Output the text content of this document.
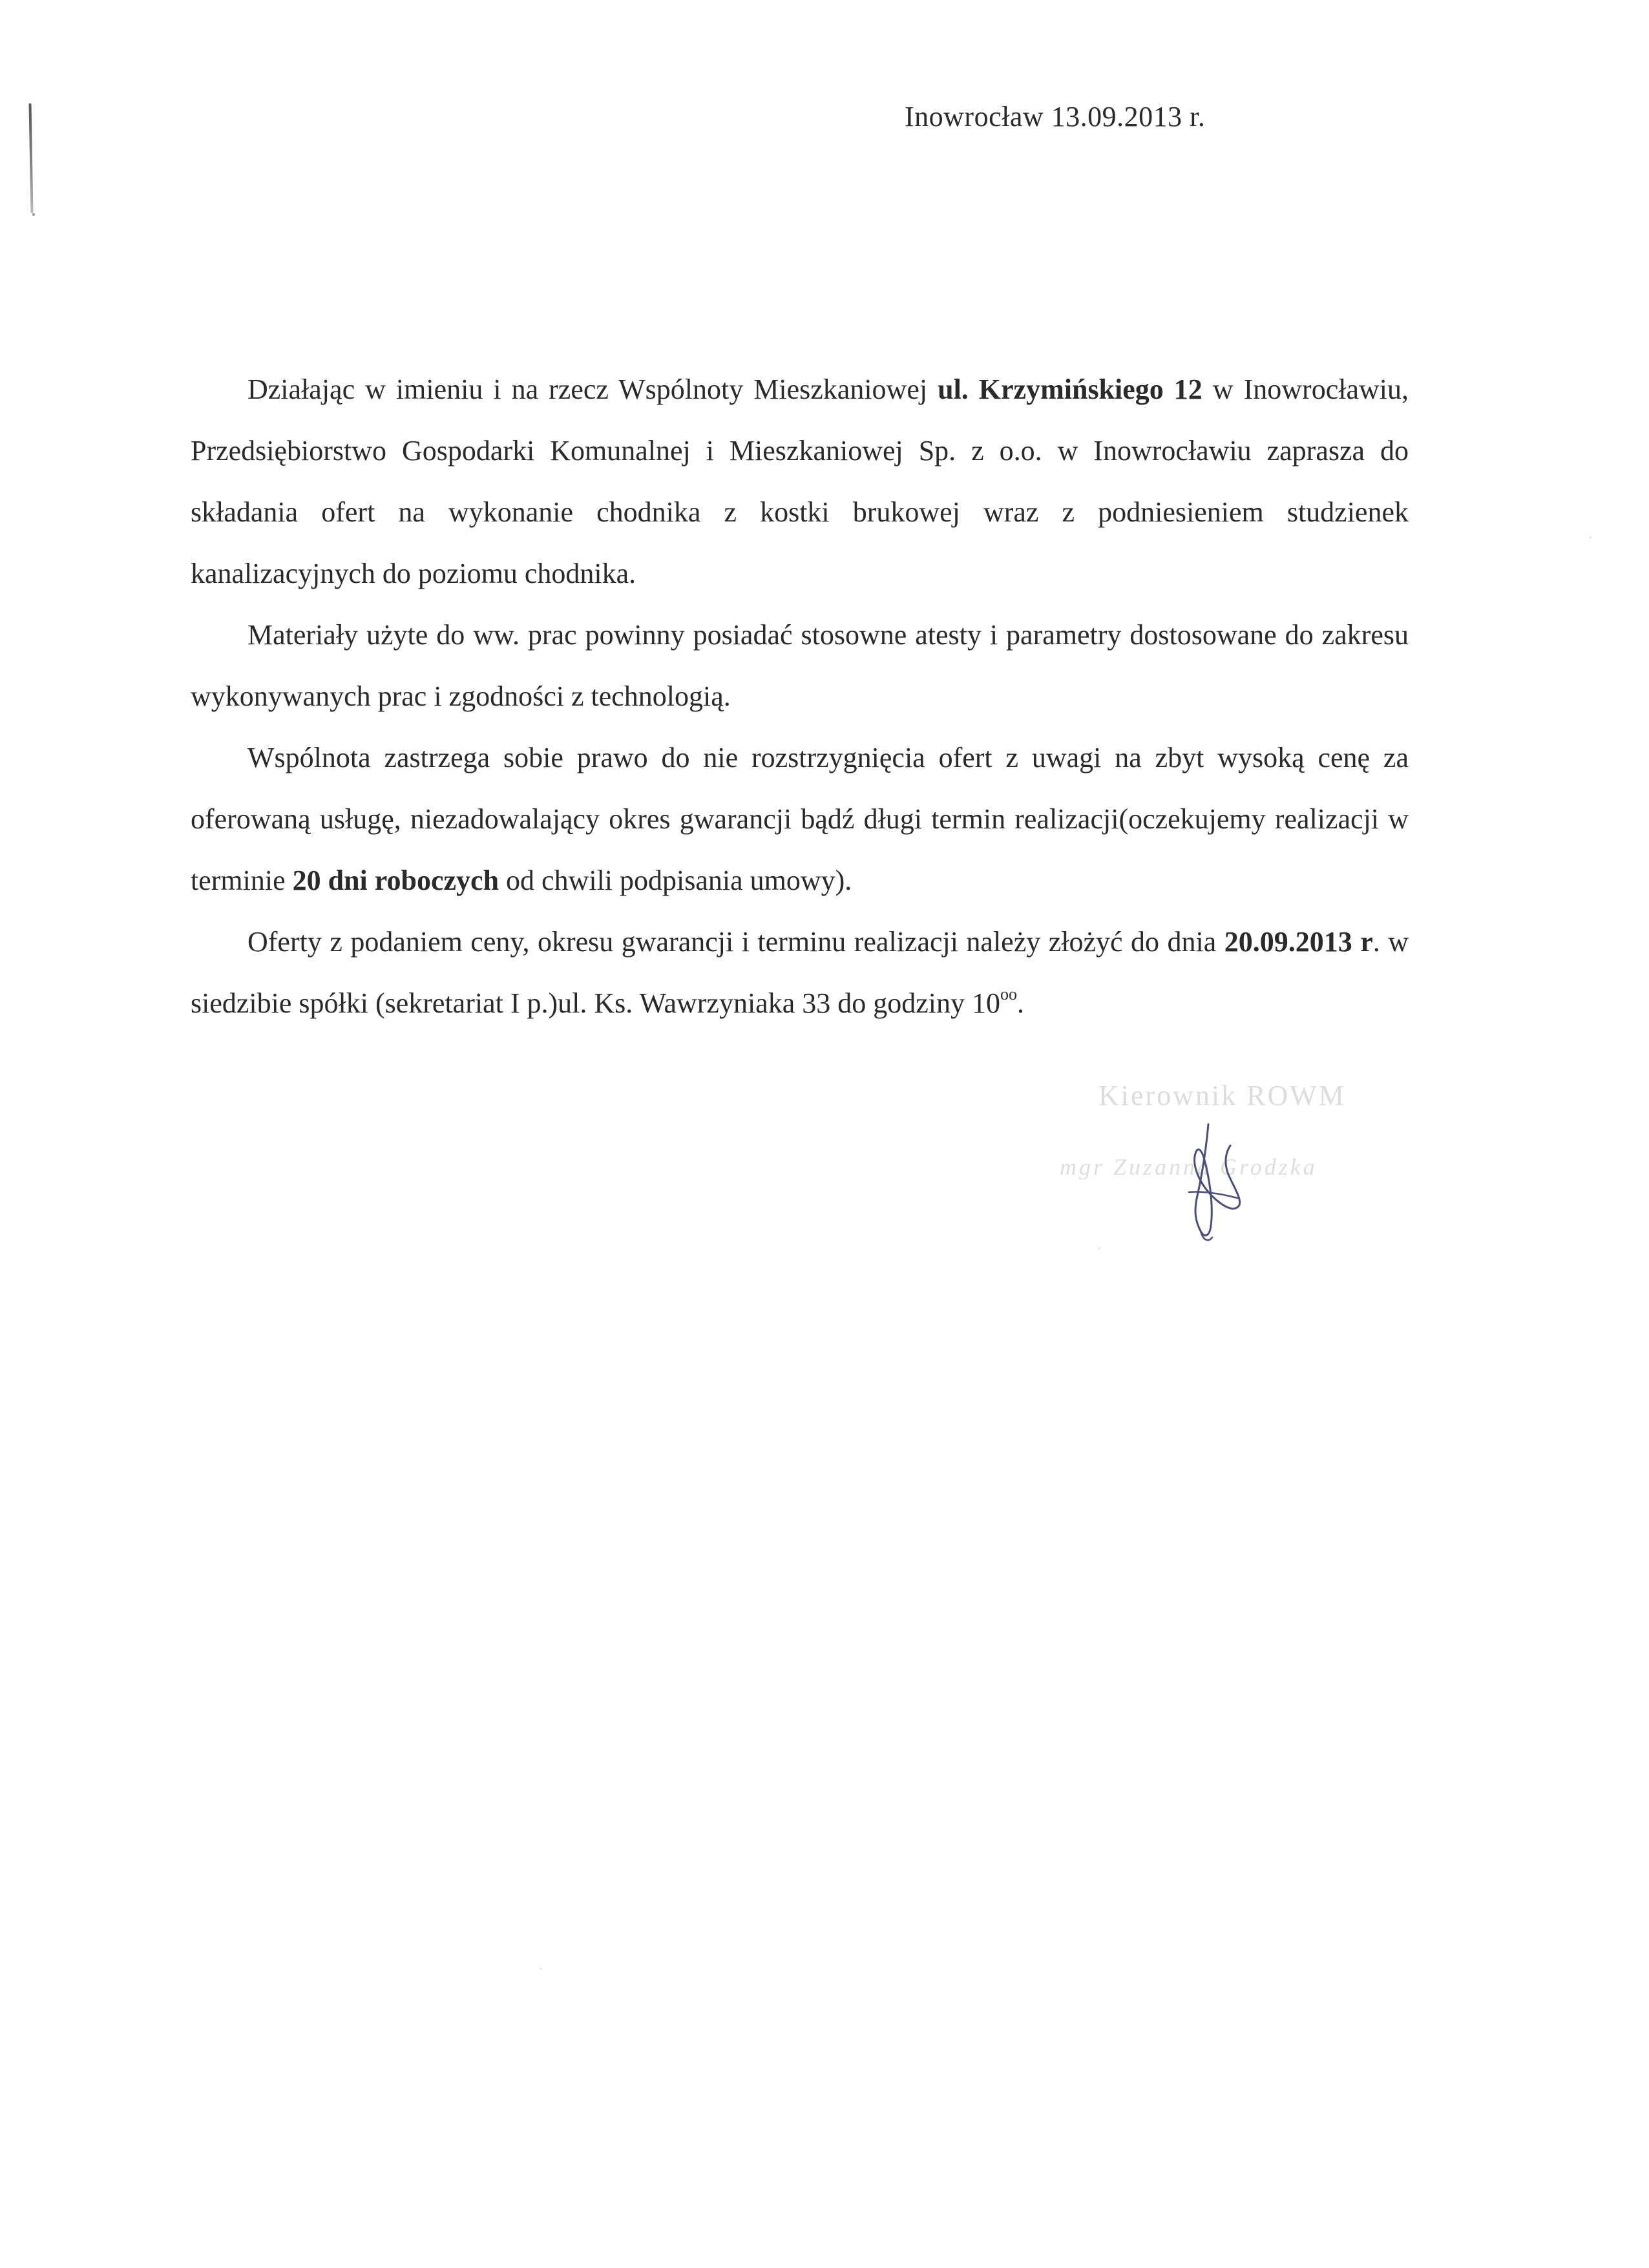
Inowrocław 13.09.2013 r.

Działając w imieniu i na rzecz Wspólnoty Mieszkaniowej ul. Krzymińskiego 12 w Inowrocławiu, Przedsiębiorstwo Gospodarki Komunalnej i Mieszkaniowej Sp. z o.o. w Inowrocławiu zaprasza do składania ofert na wykonanie chodnika z kostki brukowej wraz z podniesieniem studzienek kanalizacyjnych do poziomu chodnika.

Materiały użyte do ww. prac powinny posiadać stosowne atesty i parametry dostosowane do zakresu wykonywanych prac i zgodności z technologią.

Wspólnota zastrzega sobie prawo do nie rozstrzygnięcia ofert z uwagi na zbyt wysoką cenę za oferowaną usługę, niezadowalający okres gwarancji bądź długi termin realizacji(oczekujemy realizacji w terminie 20 dni roboczych od chwili podpisania umowy).

Oferty z podaniem ceny, okresu gwarancji i terminu realizacji należy złożyć do dnia 20.09.2013 r. w siedzibie spółki (sekretariat I p.)ul. Ks. Wawrzyniaka 33 do godziny $10^{oo}$.

Kierownik ROWM
mgr Zuzanna Grodzka
